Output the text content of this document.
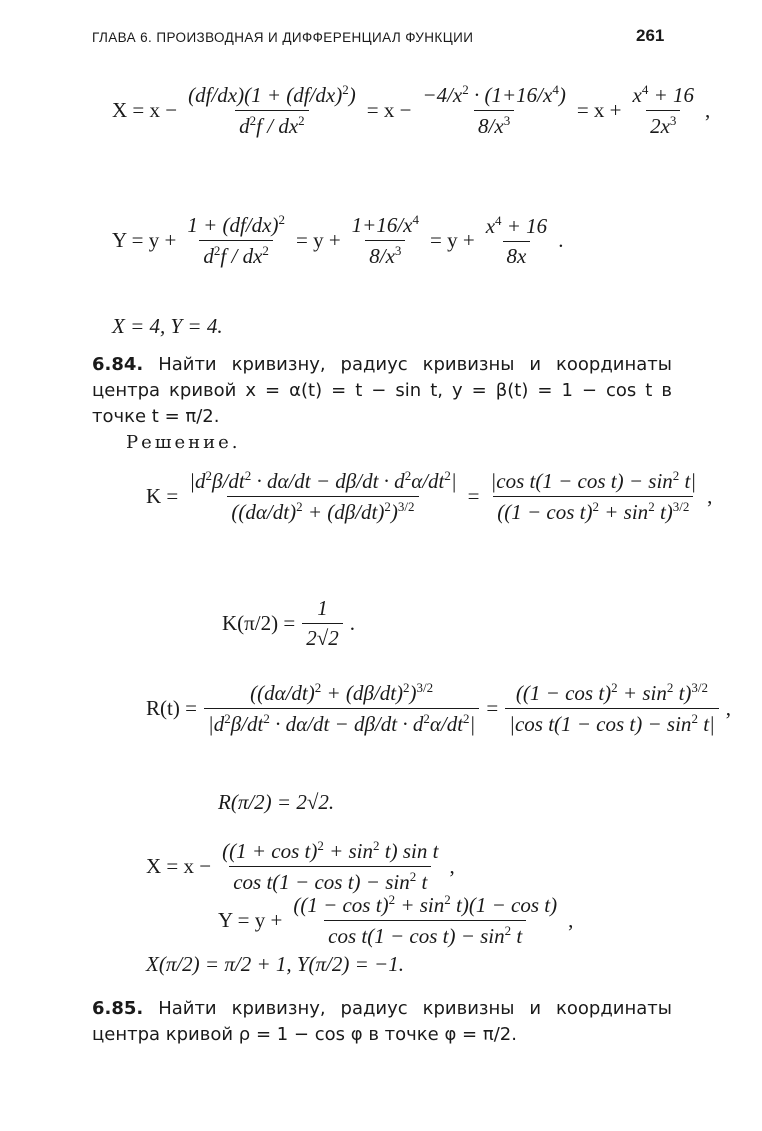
ГЛАВА 6. ПРОИЗВОДНАЯ И ДИФФЕРЕНЦИАЛ ФУНКЦИИ	261
$X = x - \frac{(df/dx)(1 + (df/dx)^2)}{d^2f / dx^2} = x - \frac{-4/x^2 \cdot (1+16/x^4)}{8/x^3} = x + \frac{x^4 + 16}{2x^3}$ ,
$Y = y + \frac{1 + (df/dx)^2}{d^2f / dx^2} = y + \frac{1+16/x^4}{8/x^3} = y + \frac{x^4 + 16}{8x}$ .
X = 4, Y = 4.
6.84. Найти кривизну, радиус кривизны и координаты центра кривой x = α(t) = t − sin t, y = β(t) = 1 − cos t в точке t = π/2.
Решение.
$K = \frac{|d^2\beta/dt^2 \cdot d\alpha/dt - d\beta/dt \cdot d^2\alpha/dt^2|}{((d\alpha/dt)^2 + (d\beta/dt)^2)^{3/2}} = \frac{|\cos t(1 - \cos t) - \sin^2 t|}{((1 - \cos t)^2 + \sin^2 t)^{3/2}}$ ,
$K(\pi/2) = \frac{1}{2√2}$ .
$R(t) = \frac{((d\alpha/dt)^2 + (d\beta/dt)^2)^{3/2}}{|d^2\beta/dt^2 \cdot d\alpha/dt - d\beta/dt \cdot d^2\alpha/dt^2|} = \frac{((1 - \cos t)^2 + \sin^2 t)^{3/2}}{|\cos t(1 - \cos t) - \sin^2 t|}$ ,
R(π/2) = 2√2.
$X = x - \frac{((1 + \cos t)^2 + \sin^2 t) \sin t}{\cos t(1 - \cos t) - \sin^2 t}$ ,
$Y = y + \frac{((1 - \cos t)^2 + \sin^2 t)(1 - \cos t)}{\cos t(1 - \cos t) - \sin^2 t}$ ,
X(π/2) = π/2 + 1, Y(π/2) = −1.
6.85. Найти кривизну, радиус кривизны и координаты центра кривой ρ = 1 − cos φ в точке φ = π/2.
